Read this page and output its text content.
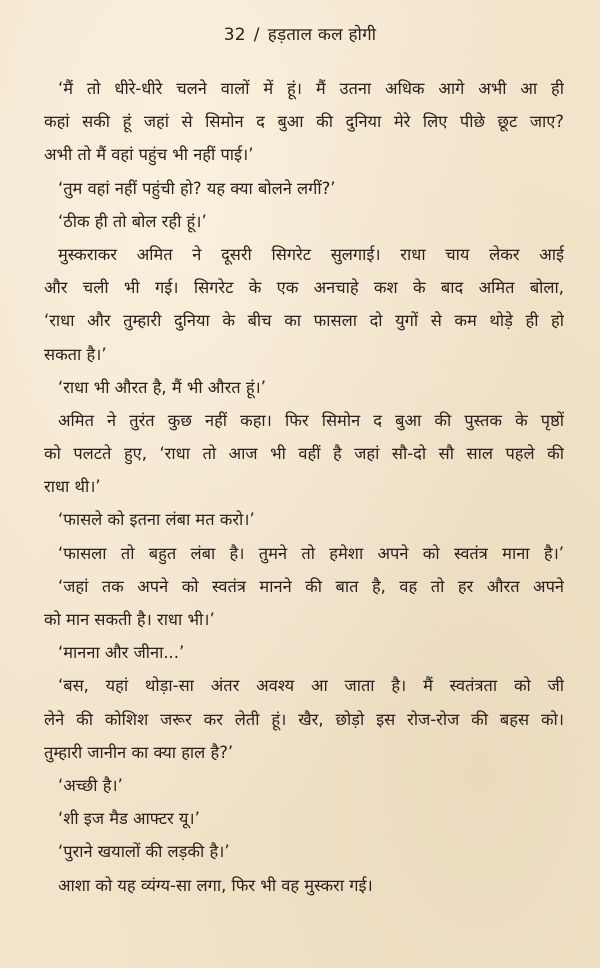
32 / हड़ताल कल होगी
‘मैं तो धीरे-धीरे चलने वालों में हूं। मैं उतना अधिक आगे अभी आ ही
कहां सकी हूं जहां से सिमोन द बुआ की दुनिया मेरे लिए पीछे छूट जाए?
अभी तो मैं वहां पहुंच भी नहीं पाई।’
‘तुम वहां नहीं पहुंची हो? यह क्या बोलने लगीं?’
‘ठीक ही तो बोल रही हूं।’
मुस्कराकर अमित ने दूसरी सिगरेट सुलगाई। राधा चाय लेकर आई
और चली भी गई। सिगरेट के एक अनचाहे कश के बाद अमित बोला,
‘राधा और तुम्हारी दुनिया के बीच का फासला दो युगों से कम थोड़े ही हो
सकता है।’
‘राधा भी औरत है, मैं भी औरत हूं।’
अमित ने तुरंत कुछ नहीं कहा। फिर सिमोन द बुआ की पुस्तक के पृष्ठों
को पलटते हुए, ‘राधा तो आज भी वहीं है जहां सौ-दो सौ साल पहले की
राधा थी।’
‘फासले को इतना लंबा मत करो।’
‘फासला तो बहुत लंबा है। तुमने तो हमेशा अपने को स्वतंत्र माना है।’
‘जहां तक अपने को स्वतंत्र मानने की बात है, वह तो हर औरत अपने
को मान सकती है। राधा भी।’
‘मानना और जीना...’
‘बस, यहां थोड़ा-सा अंतर अवश्य आ जाता है। मैं स्वतंत्रता को जी
लेने की कोशिश जरूर कर लेती हूं। खैर, छोड़ो इस रोज-रोज की बहस को।
तुम्हारी जानीन का क्या हाल है?’
‘अच्छी है।’
‘शी इज मैड आफ्टर यू।’
‘पुराने खयालों की लड़की है।’
आशा को यह व्यंग्य-सा लगा, फिर भी वह मुस्करा गई।
